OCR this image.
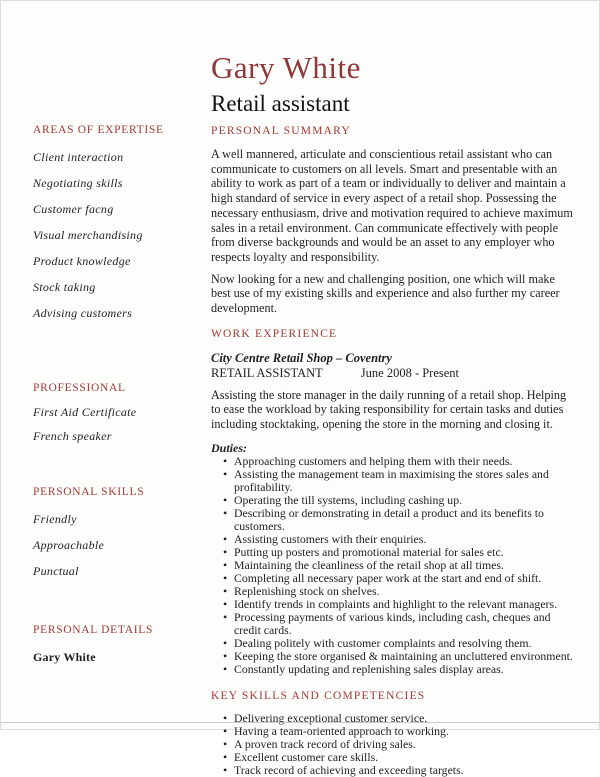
AREAS OF EXPERTISE
Client interaction
Negotiating skills
Customer facng
Visual merchandising
Product knowledge
Stock taking
Advising customers
PROFESSIONAL
First Aid Certificate
French speaker
PERSONAL SKILLS
Friendly
Approachable
Punctual
PERSONAL DETAILS
Gary White
Gary White
Retail assistant
PERSONAL SUMMARY

A well mannered, articulate and conscientious retail assistant who can communicate to customers on all levels. Smart and presentable with an ability to work as part of a team or individually to deliver and maintain a high standard of service in every aspect of a retail shop. Possessing the necessary enthusiasm, drive and motivation required to achieve maximum sales in a retail environment. Can communicate effectively with people from diverse backgrounds and would be an asset to any employer who respects loyalty and responsibility.

Now looking for a new and challenging position, one which will make best use of my existing skills and experience and also further my career development.

WORK EXPERIENCE
City Centre Retail Shop – Coventry
RETAIL ASSISTANT	June 2008 - Present

Assisting the store manager in the daily running of a retail shop. Helping to ease the workload by taking responsibility for certain tasks and duties including stocktaking, opening the store in the morning and closing it.

Duties:
• Approaching customers and helping them with their needs.
• Assisting the management team in maximising the stores sales and profitability.
• Operating the till systems, including cashing up.
• Describing or demonstrating in detail a product and its benefits to customers.
• Assisting customers with their enquiries.
• Putting up posters and promotional material for sales etc.
• Maintaining the cleanliness of the retail shop at all times.
• Completing all necessary paper work at the start and end of shift.
• Replenishing stock on shelves.
• Identify trends in complaints and highlight to the relevant managers.
• Processing payments of various kinds, including cash, cheques and credit cards.
• Dealing politely with customer complaints and resolving them.
• Keeping the store organised & maintaining an uncluttered environment.
• Constantly updating and replenishing sales display areas.
KEY SKILLS AND COMPETENCIES
• Delivering exceptional customer service.
• Having a team-oriented approach to working.
• A proven track record of driving sales.
• Excellent customer care skills.
• Track record of achieving and exceeding targets.
